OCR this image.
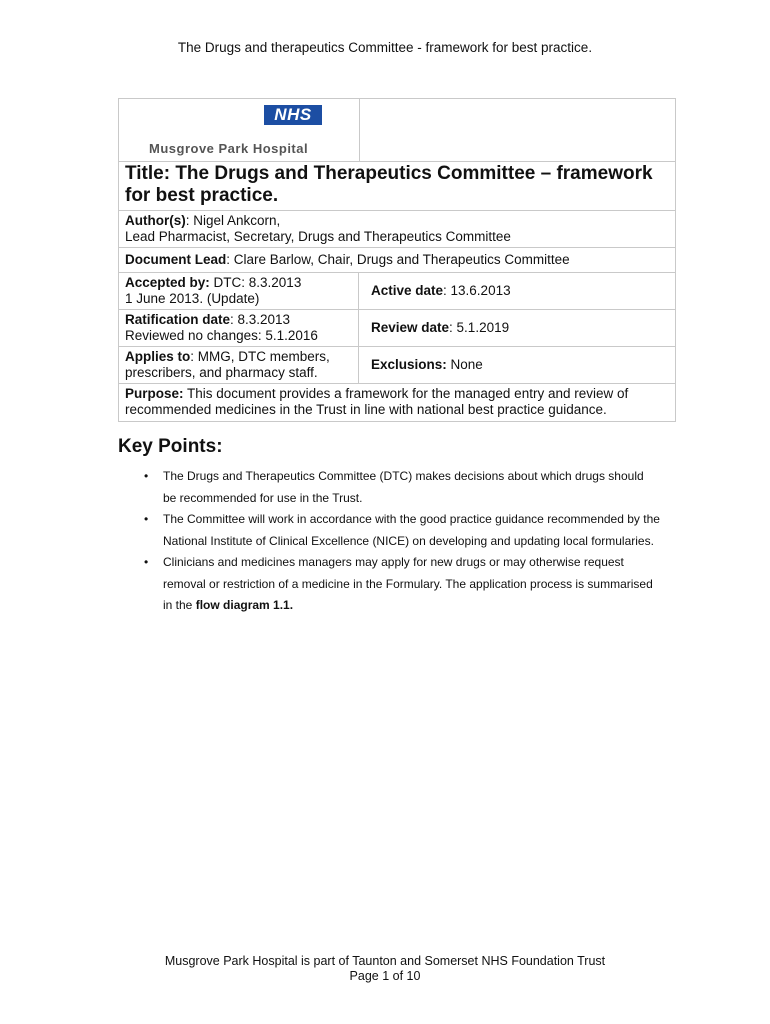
The Drugs and therapeutics Committee - framework for best practice.
NHS
Musgrove Park Hospital
Title: The Drugs and Therapeutics Committee – framework for best practice.
Author(s): Nigel Ankcorn,
Lead Pharmacist, Secretary, Drugs and Therapeutics Committee
Document Lead: Clare Barlow, Chair, Drugs and Therapeutics Committee
Accepted by: DTC: 8.3.2013
1 June 2013. (Update)
Active date: 13.6.2013
Ratification date: 8.3.2013
Reviewed no changes: 5.1.2016
Review date: 5.1.2019
Applies to: MMG, DTC members,
prescribers, and pharmacy staff.
Exclusions: None
Purpose: This document provides a framework for the managed entry and review of recommended medicines in the Trust in line with national best practice guidance.
Key Points:
• The Drugs and Therapeutics Committee (DTC) makes decisions about which drugs should be recommended for use in the Trust.
• The Committee will work in accordance with the good practice guidance recommended by the National Institute of Clinical Excellence (NICE) on developing and updating local formularies.
• Clinicians and medicines managers may apply for new drugs or may otherwise request removal or restriction of a medicine in the Formulary. The application process is summarised in the flow diagram 1.1.
Musgrove Park Hospital is part of Taunton and Somerset NHS Foundation Trust
Page 1 of 10
